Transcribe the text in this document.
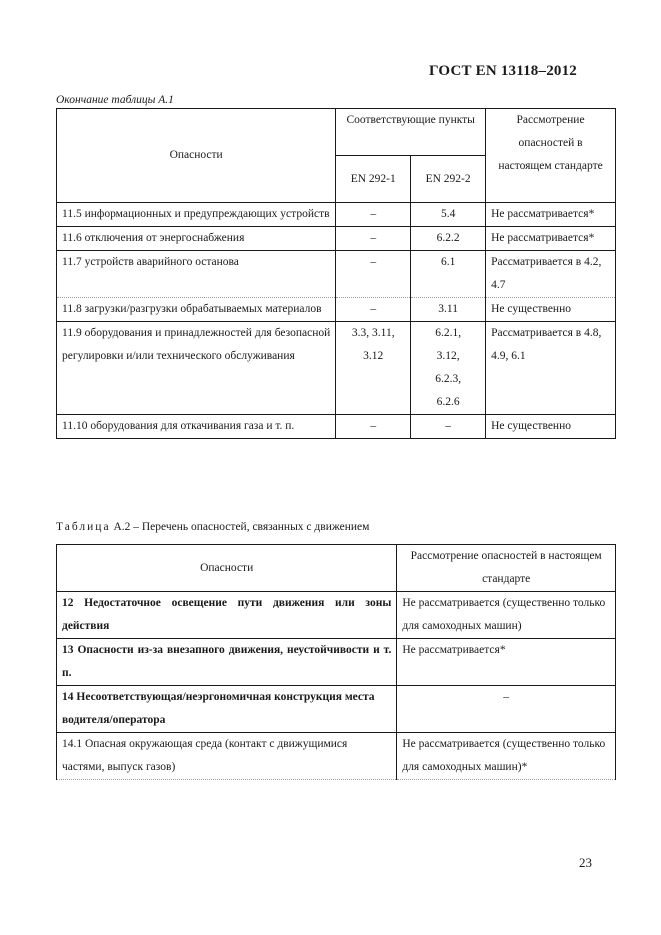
ГОСТ EN 13118–2012
Окончание таблицы А.1
Опасности	Соответствующие пункты		Рассмотрение опасностей в настоящем стандарте
	EN 292-1	EN 292-2	
11.5 информационных и предупреждающих устройств	–	5.4	Не рассматривается*
11.6 отключения от энергоснабжения	–	6.2.2	Не рассматривается*
11.7 устройств аварийного останова	–	6.1	Рассматривается в 4.2, 4.7
11.8 загрузки/разгрузки обрабатываемых материалов	–	3.11	Не существенно
11.9 оборудования и принадлежностей для безопасной регулировки и/или технического обслуживания	3.3, 3.11, 3.12	6.2.1, 3.12, 6.2.3, 6.2.6	Рассматривается в 4.8, 4.9, 6.1
11.10 оборудования для откачивания газа и т. п.	–	–	Не существенно
Таблица А.2 – Перечень опасностей, связанных с движением
Опасности	Рассмотрение опасностей в настоящем стандарте
12 Недостаточное освещение пути движения или зоны действия	Не рассматривается (существенно только для самоходных машин)
13 Опасности из-за внезапного движения, неустойчивости и т. п.	Не рассматривается*
14 Несоответствующая/неэргономичная конструкция места водителя/оператора	–
14.1 Опасная окружающая среда (контакт с движущимися частями, выпуск газов)	Не рассматривается (существенно только для самоходных машин)*
23
